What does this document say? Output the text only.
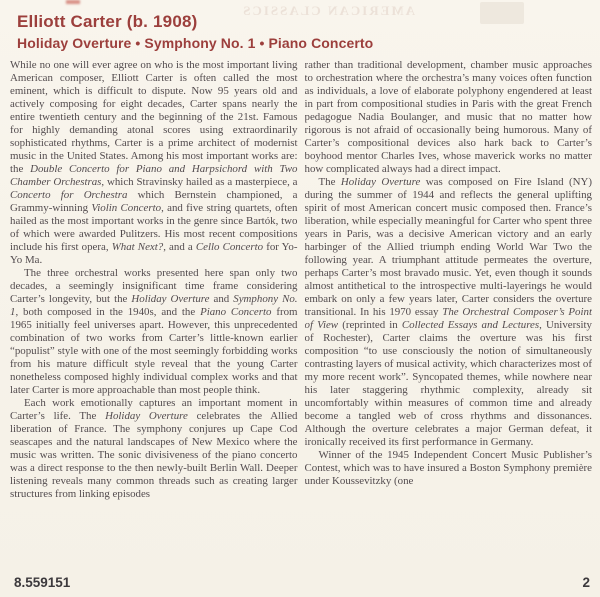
AMERICAN CLASSICS
Elliott Carter (b. 1908)
Holiday Overture • Symphony No. 1 • Piano Concerto

While no one will ever agree on who is the most important living American composer, Elliott Carter is often called the most eminent, which is difficult to dispute. Now 95 years old and actively composing for eight decades, Carter spans nearly the entire twentieth century and the beginning of the 21st. Famous for highly demanding atonal scores using extraordinarily sophisticated rhythms, Carter is a prime architect of modernist music in the United States. Among his most important works are: the Double Concerto for Piano and Harpsichord with Two Chamber Orchestras, which Stravinsky hailed as a masterpiece, a Concerto for Orchestra which Bernstein championed, a Grammy-winning Violin Concerto, and five string quartets, often hailed as the most important works in the genre since Bartók, two of which were awarded Pulitzers. His most recent compositions include his first opera, What Next?, and a Cello Concerto for Yo-Yo Ma.

The three orchestral works presented here span only two decades, a seemingly insignificant time frame considering Carter’s longevity, but the Holiday Overture and Symphony No. 1, both composed in the 1940s, and the Piano Concerto from 1965 initially feel universes apart. However, this unprecedented combination of two works from Carter’s little-known earlier “populist” style with one of the most seemingly forbidding works from his mature difficult style reveal that the young Carter nonetheless composed highly individual complex works and that later Carter is more approachable than most people think.

Each work emotionally captures an important moment in Carter’s life. The Holiday Overture celebrates the Allied liberation of France. The symphony conjures up Cape Cod seascapes and the natural landscapes of New Mexico where the music was written. The sonic divisiveness of the piano concerto was a direct response to the then newly-built Berlin Wall. Deeper listening reveals many common threads such as creating larger structures from linking episodes

rather than traditional development, chamber music approaches to orchestration where the orchestra’s many voices often function as individuals, a love of elaborate polyphony engendered at least in part from compositional studies in Paris with the great French pedagogue Nadia Boulanger, and music that no matter how rigorous is not afraid of occasionally being humorous. Many of Carter’s compositional devices also hark back to Carter’s boyhood mentor Charles Ives, whose maverick works no matter how complicated always had a direct impact.

The Holiday Overture was composed on Fire Island (NY) during the summer of 1944 and reflects the general uplifting spirit of most American concert music composed then. France’s liberation, while especially meaningful for Carter who spent three years in Paris, was a decisive American victory and an early harbinger of the Allied triumph ending World War Two the following year. A triumphant attitude permeates the overture, perhaps Carter’s most bravado music. Yet, even though it sounds almost antithetical to the introspective multi-layerings he would embark on only a few years later, Carter considers the overture transitional. In his 1970 essay The Orchestral Composer’s Point of View (reprinted in Collected Essays and Lectures, University of Rochester), Carter claims the overture was his first composition “to use consciously the notion of simultaneously contrasting layers of musical activity, which characterizes most of my more recent work”. Syncopated themes, while nowhere near his later staggering rhythmic complexity, already sit uncomfortably within measures of common time and already become a tangled web of cross rhythms and dissonances. Although the overture celebrates a major German defeat, it ironically received its first performance in Germany.

Winner of the 1945 Independent Concert Music Publisher’s Contest, which was to have insured a Boston Symphony première under Koussevitzky (one

8.559151	2
